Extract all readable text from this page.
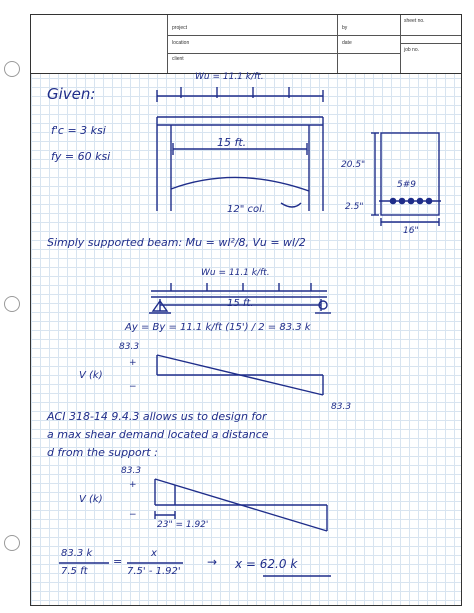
project	by
sheet no.
location	date
job no.
client
Given:
Wu = 11.1 k/ft.
15 ft.
12" col.
f'c = 3 ksi
fy = 60 ksi
20.5"
2.5"
16"
5#9
Simply supported beam: Mu = wl²/8, Vu = wl/2
Wu = 11.1 k/ft.
15 ft.
Ay = By = 11.1 k/ft (15') / 2 = 83.3 k
83.3
+
V (k)
−
83.3
ACI 318-14 9.4.3 allows us to design for
a max shear demand located a distance
d from the support :
83.3
+
V (k)
−
23" = 1.92'
83.3 k
7.5 ft
=
x
7.5' - 1.92'
→ x = 62.0 k
